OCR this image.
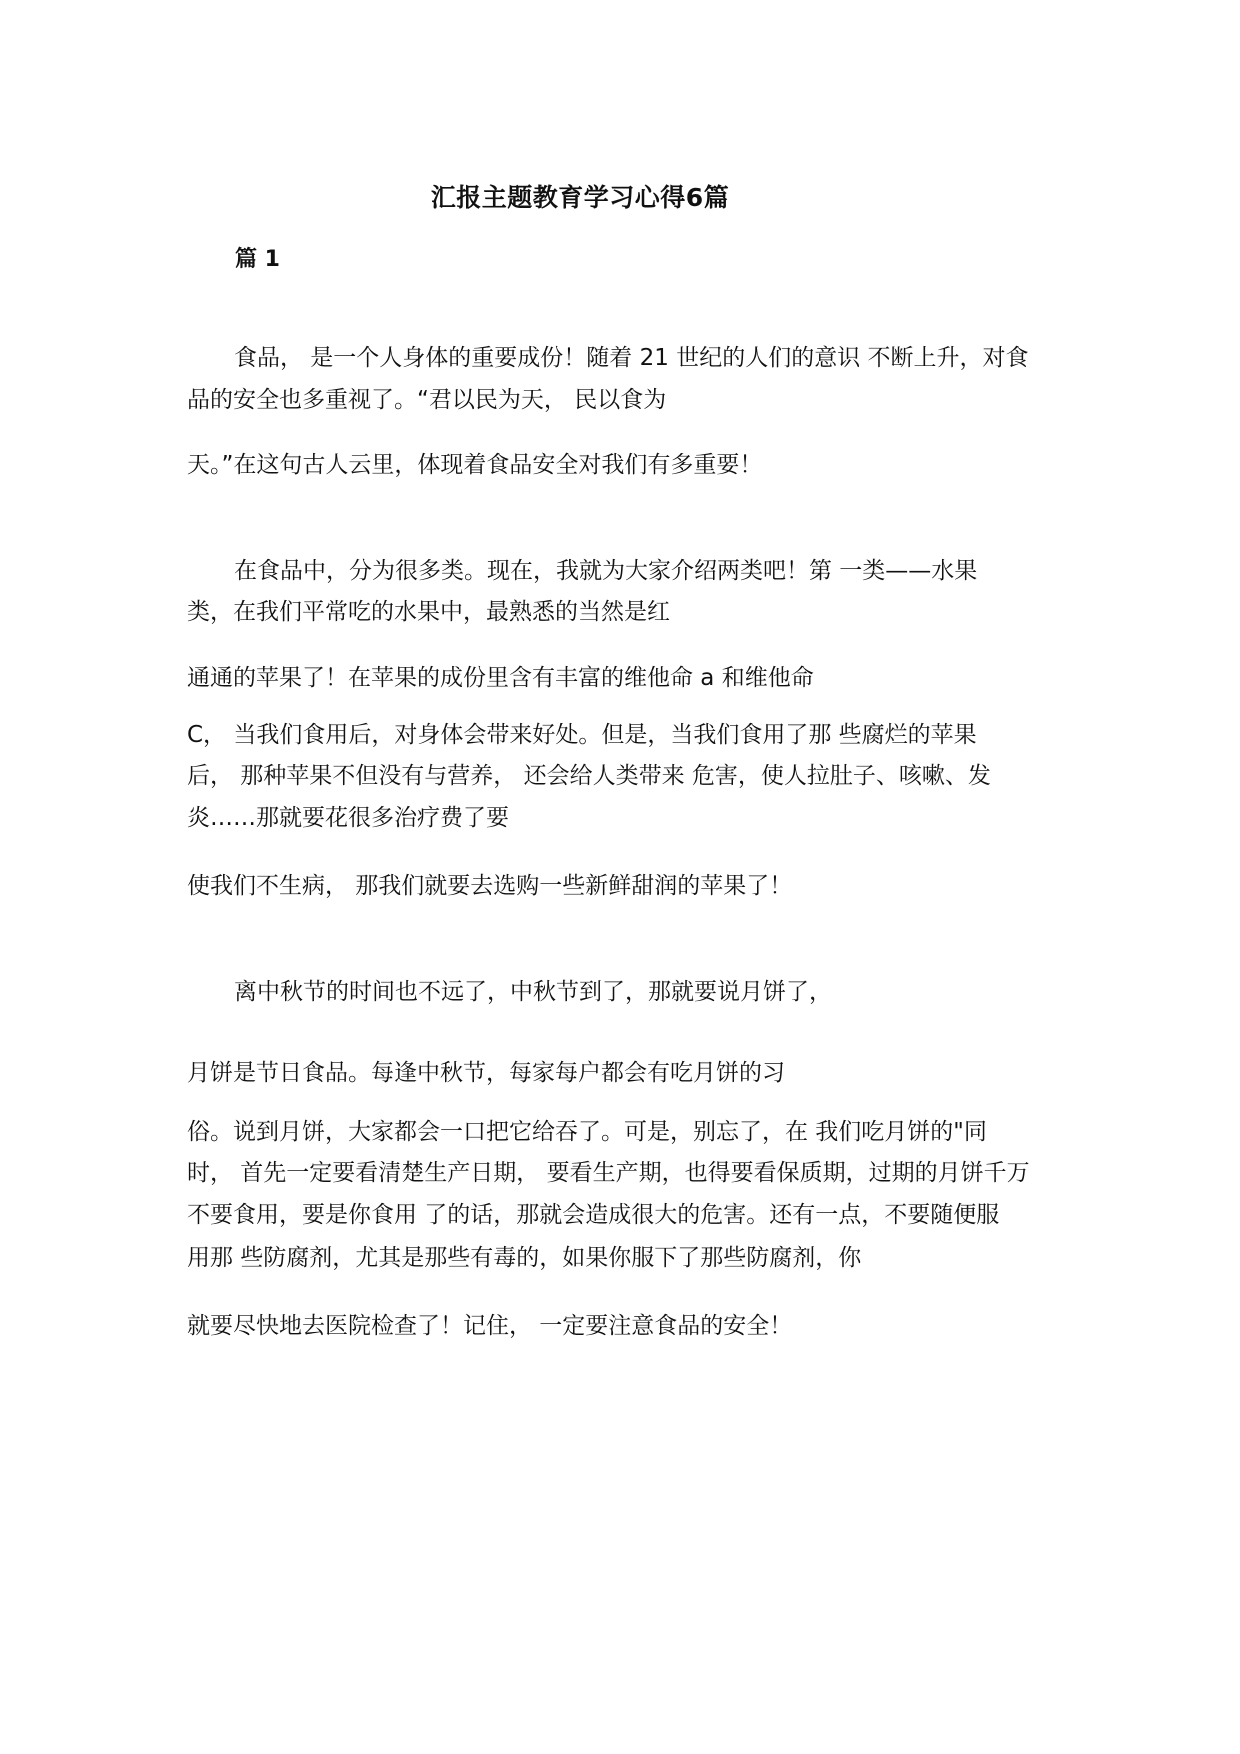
汇报主题教育学习心得6篇
篇 1
食品， 是一个人身体的重要成份！随着 21 世纪的人们的意识 不断上升，对食
品的安全也多重视了。“君以民为天， 民以食为
天。”在这句古人云里，体现着食品安全对我们有多重要！
在食品中，分为很多类。现在，我就为大家介绍两类吧！第 一类——水果
类，在我们平常吃的水果中，最熟悉的当然是红
通通的苹果了！在苹果的成份里含有丰富的维他命 a 和维他命
C， 当我们食用后，对身体会带来好处。但是，当我们食用了那 些腐烂的苹果
后， 那种苹果不但没有与营养， 还会给人类带来 危害，使人拉肚子、咳嗽、发
炎……那就要花很多治疗费了要
使我们不生病， 那我们就要去选购一些新鲜甜润的苹果了！
离中秋节的时间也不远了，中秋节到了，那就要说月饼了，
月饼是节日食品。每逢中秋节，每家每户都会有吃月饼的习
俗。说到月饼，大家都会一口把它给吞了。可是，别忘了，在 我们吃月饼的"同
时， 首先一定要看清楚生产日期， 要看生产期，也得要看保质期，过期的月饼千万
不要食用，要是你食用 了的话，那就会造成很大的危害。还有一点，不要随便服
用那 些防腐剂，尤其是那些有毒的，如果你服下了那些防腐剂，你
就要尽快地去医院检查了！记住， 一定要注意食品的安全！
